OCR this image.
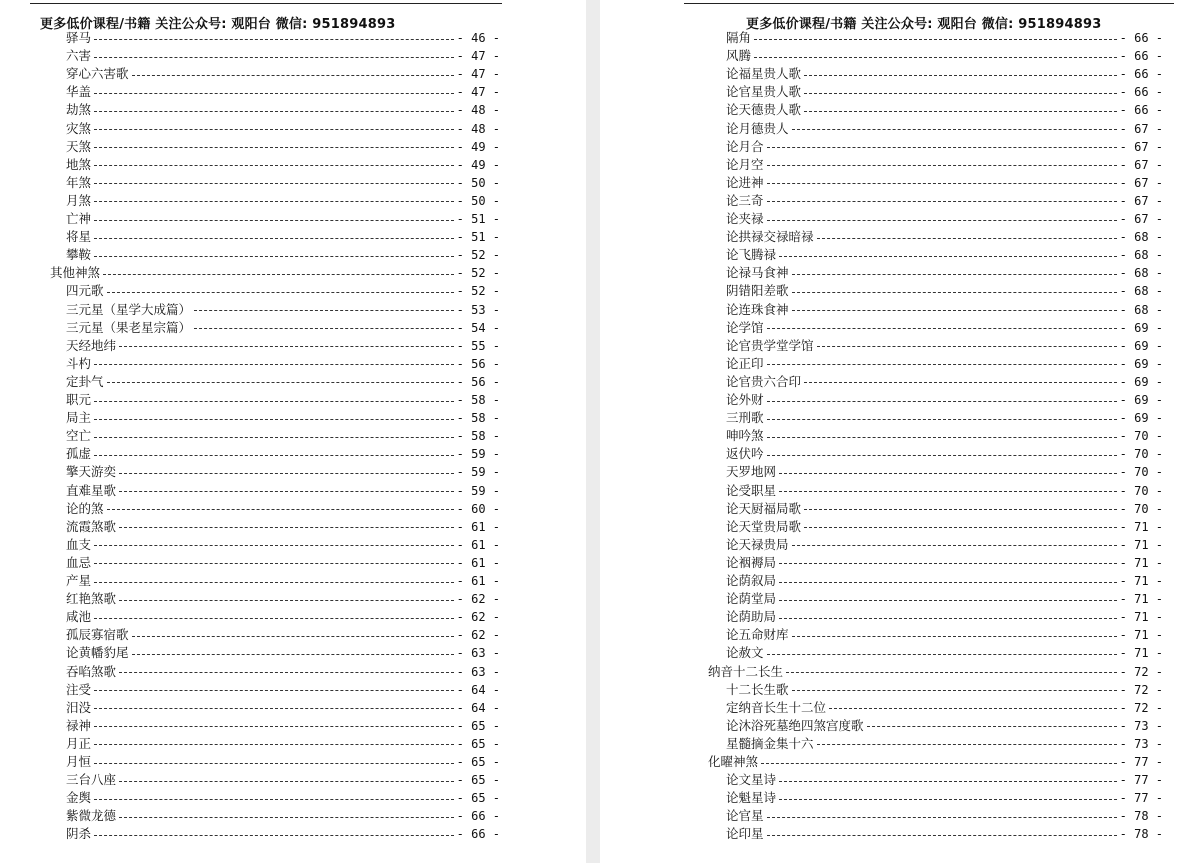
更多低价课程/书籍 关注公众号: 观阳台 微信: 951894893
驿马	- 46 -
六害	- 47 -
穿心六害歌	- 47 -
华盖	- 47 -
劫煞	- 48 -
灾煞	- 48 -
天煞	- 49 -
地煞	- 49 -
年煞	- 50 -
月煞	- 50 -
亡神	- 51 -
将星	- 51 -
攀鞍	- 52 -
其他神煞	- 52 -
四元歌	- 52 -
三元星（星学大成篇）	- 53 -
三元星（果老星宗篇）	- 54 -
天经地纬	- 55 -
斗杓	- 56 -
定卦气	- 56 -
职元	- 58 -
局主	- 58 -
空亡	- 58 -
孤虚	- 59 -
擎天游奕	- 59 -
直难星歌	- 59 -
论的煞	- 60 -
流霞煞歌	- 61 -
血支	- 61 -
血忌	- 61 -
产星	- 61 -
红艳煞歌	- 62 -
咸池	- 62 -
孤辰寡宿歌	- 62 -
论黄幡豹尾	- 63 -
吞啗煞歌	- 63 -
注受	- 64 -
汨没	- 64 -
禄神	- 65 -
月正	- 65 -
月恒	- 65 -
三台八座	- 65 -
金舆	- 65 -
紫微龙德	- 66 -
阴杀	- 66 -
更多低价课程/书籍 关注公众号: 观阳台 微信: 951894893
隔角	- 66 -
风腾	- 66 -
论福星贵人歌	- 66 -
论官星贵人歌	- 66 -
论天德贵人歌	- 66 -
论月德贵人	- 67 -
论月合	- 67 -
论月空	- 67 -
论进神	- 67 -
论三奇	- 67 -
论夹禄	- 67 -
论拱禄交禄暗禄	- 68 -
论飞腾禄	- 68 -
论禄马食神	- 68 -
阴错阳差歌	- 68 -
论连珠食神	- 68 -
论学馆	- 69 -
论官贵学堂学馆	- 69 -
论正印	- 69 -
论官贵六合印	- 69 -
论外财	- 69 -
三刑歌	- 69 -
呻吟煞	- 70 -
返伏吟	- 70 -
天罗地网	- 70 -
论受职星	- 70 -
论天厨福局歌	- 70 -
论天堂贵局歌	- 71 -
论天禄贵局	- 71 -
论裀褥局	- 71 -
论荫叙局	- 71 -
论荫堂局	- 71 -
论荫助局	- 71 -
论五命财库	- 71 -
论赦文	- 71 -
纳音十二长生	- 72 -
十二长生歌	- 72 -
定纳音长生十二位	- 72 -
论沐浴死墓绝四煞宫度歌	- 73 -
星髓摘金集十六	- 73 -
化曜神煞	- 77 -
论文星诗	- 77 -
论魁星诗	- 77 -
论官星	- 78 -
论印星	- 78 -
